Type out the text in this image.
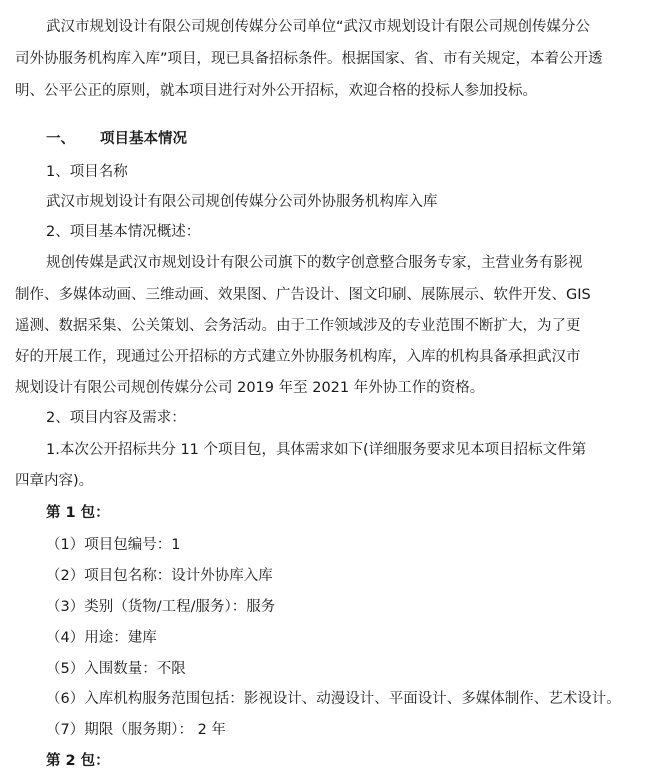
武汉市规划设计有限公司规创传媒分公司单位“武汉市规划设计有限公司规创传媒分公
司外协服务机构库入库”项目，现已具备招标条件。根据国家、省、市有关规定，本着公开透
明、公平公正的原则，就本项目进行对外公开招标，欢迎合格的投标人参加投标。
一、 项目基本情况
1、项目名称
武汉市规划设计有限公司规创传媒分公司外协服务机构库入库
2、项目基本情况概述：
规创传媒是武汉市规划设计有限公司旗下的数字创意整合服务专家，主营业务有影视
制作、多媒体动画、三维动画、效果图、广告设计、图文印刷、展陈展示、软件开发、GIS
遥测、数据采集、公关策划、会务活动。由于工作领域涉及的专业范围不断扩大，为了更
好的开展工作，现通过公开招标的方式建立外协服务机构库，入库的机构具备承担武汉市
规划设计有限公司规创传媒分公司 2019 年至 2021 年外协工作的资格。
2、项目内容及需求：
1.本次公开招标共分 11 个项目包，具体需求如下(详细服务要求见本项目招标文件第
四章内容)。
第 1 包：
（1）项目包编号：1
（2）项目包名称：设计外协库入库
（3）类别（货物/工程/服务）：服务
（4）用途：建库
（5）入围数量：不限
（6）入库机构服务范围包括：影视设计、动漫设计、平面设计、多媒体制作、艺术设计。
（7）期限（服务期）： 2 年
第 2 包：
